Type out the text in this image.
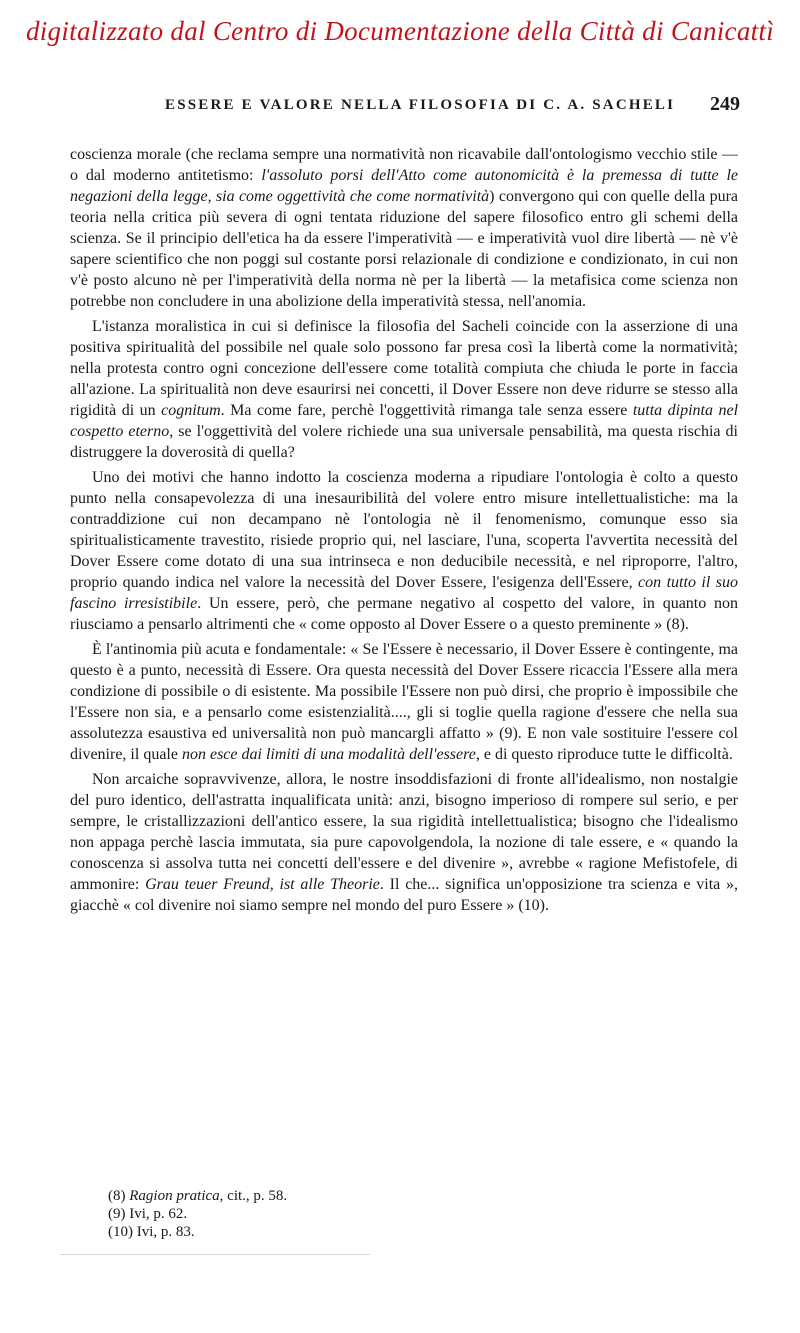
digitalizzato dal Centro di Documentazione della Città di Canicattì
ESSERE E VALORE NELLA FILOSOFIA DI C. A. SACHELI 249

coscienza morale (che reclama sempre una normatività non ricavabile dall'ontologismo vecchio stile — o dal moderno antitetismo: l'assoluto porsi dell'Atto come autonomicità è la premessa di tutte le negazioni della legge, sia come oggettività che come normatività) convergono qui con quelle della pura teoria nella critica più severa di ogni tentata riduzione del sapere filosofico entro gli schemi della scienza. Se il principio dell'etica ha da essere l'imperatività — e imperatività vuol dire libertà — nè v'è sapere scientifico che non poggi sul costante porsi relazionale di condizione e condizionato, in cui non v'è posto alcuno nè per l'imperatività della norma nè per la libertà — la metafisica come scienza non potrebbe non concludere in una abolizione della imperatività stessa, nell'anomia.

L'istanza moralistica in cui si definisce la filosofia del Sacheli coincide con la asserzione di una positiva spiritualità del possibile nel quale solo possono far presa così la libertà come la normatività; nella protesta contro ogni concezione dell'essere come totalità compiuta che chiuda le porte in faccia all'azione. La spiritualità non deve esaurirsi nei concetti, il Dover Essere non deve ridurre se stesso alla rigidità di un cognitum. Ma come fare, perchè l'oggettività rimanga tale senza essere tutta dipinta nel cospetto eterno, se l'oggettività del volere richiede una sua universale pensabilità, ma questa rischia di distruggere la doverosità di quella?

Uno dei motivi che hanno indotto la coscienza moderna a ripudiare l'ontologia è colto a questo punto nella consapevolezza di una inesauribilità del volere entro misure intellettualistiche: ma la contraddizione cui non decampano nè l'ontologia nè il fenomenismo, comunque esso sia spiritualisticamente travestito, risiede proprio qui, nel lasciare, l'una, scoperta l'avvertita necessità del Dover Essere come dotato di una sua intrinseca e non deducibile necessità, e nel riproporre, l'altro, proprio quando indica nel valore la necessità del Dover Essere, l'esigenza dell'Essere, con tutto il suo fascino irresistibile. Un essere, però, che permane negativo al cospetto del valore, in quanto non riusciamo a pensarlo altrimenti che « come opposto al Dover Essere o a questo preminente » (8).

È l'antinomia più acuta e fondamentale: « Se l'Essere è necessario, il Dover Essere è contingente, ma questo è a punto, necessità di Essere. Ora questa necessità del Dover Essere ricaccia l'Essere alla mera condizione di possibile o di esistente. Ma possibile l'Essere non può dirsi, che proprio è impossibile che l'Essere non sia, e a pensarlo come esistenzialità...., gli si toglie quella ragione d'essere che nella sua assolutezza esaustiva ed universalità non può mancargli affatto » (9). E non vale sostituire l'essere col divenire, il quale non esce dai limiti di una modalità dell'essere, e di questo riproduce tutte le difficoltà.

Non arcaiche sopravvivenze, allora, le nostre insoddisfazioni di fronte all'idealismo, non nostalgie del puro identico, dell'astratta inqualificata unità: anzi, bisogno imperioso di romperе sul serio, e per sempre, le cristallizzazioni dell'antico essere, la sua rigidità intellettualistica; bisogno che l'idealismo non appaga perchè lascia immutata, sia pure capovolgendola, la nozione di tale essere, e « quando la conoscenza si assolva tutta nei concetti dell'essere e del divenire », avrebbe « ragione Mefistofele, di ammonire: Grau teuer Freund, ist alle Theorie. Il che... significa un'opposizione tra scienza e vita », giacchè « col divenire noi siamo sempre nel mondo del puro Essere » (10).

(8) Ragion pratica, cit., p. 58.
(9) Ivi, p. 62.
(10) Ivi, p. 83.
